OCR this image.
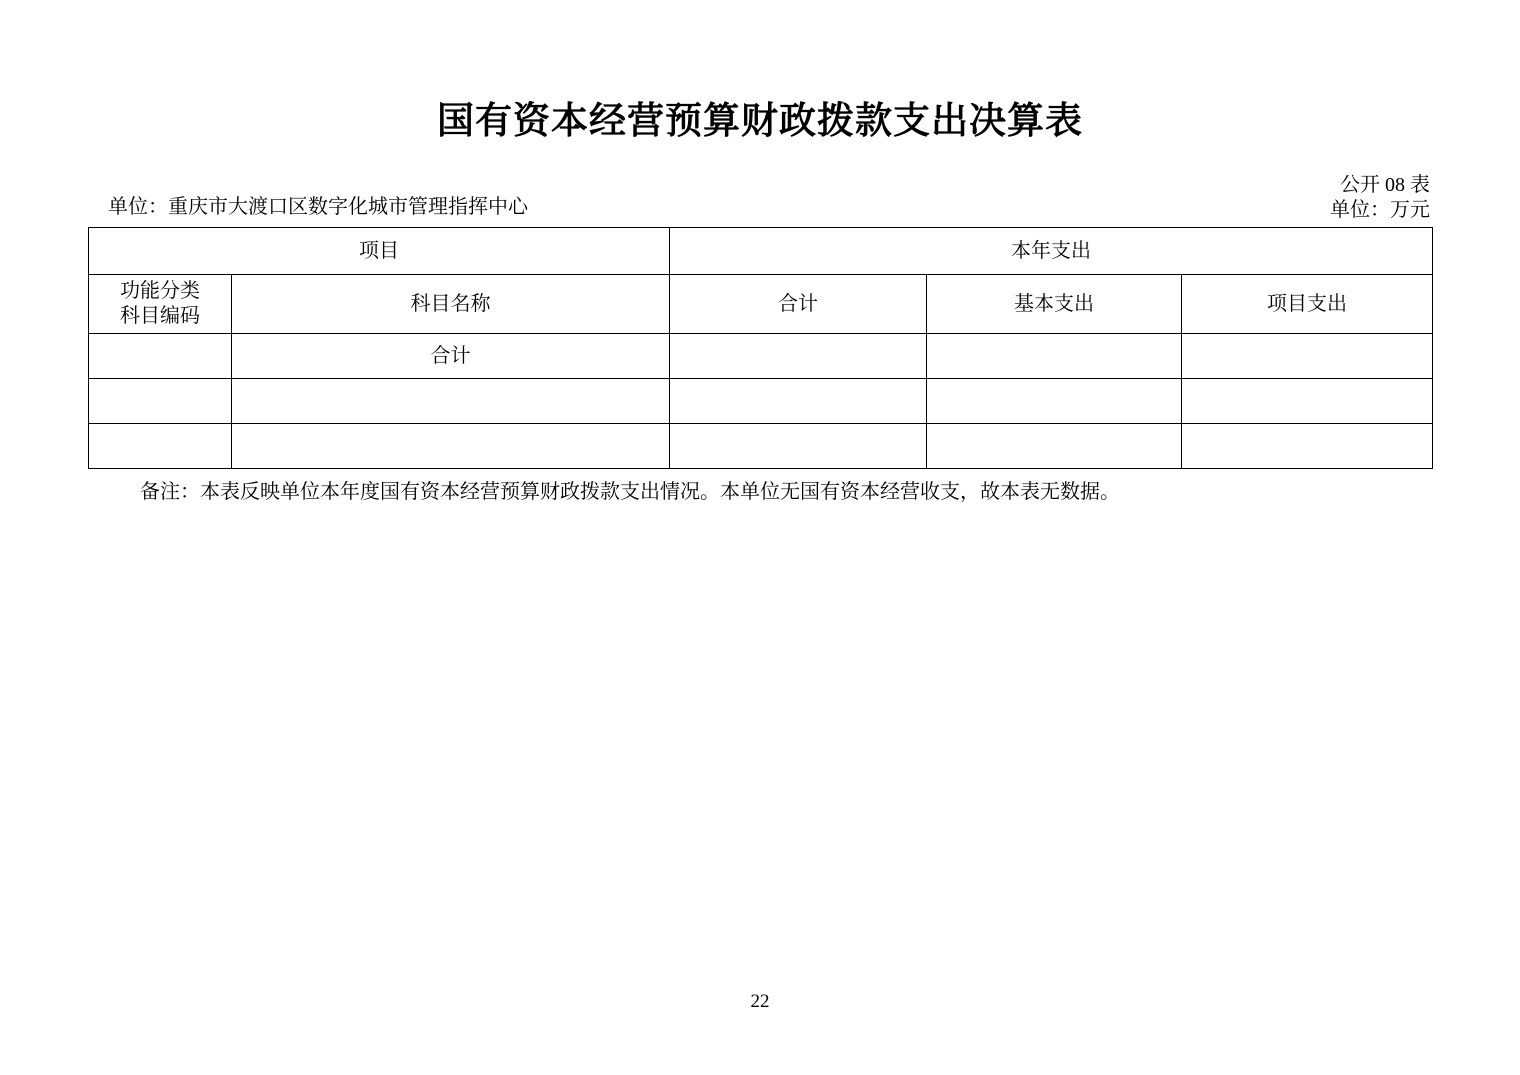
国有资本经营预算财政拨款支出决算表
公开 08 表
单位：重庆市大渡口区数字化城市管理指挥中心	单位：万元
项目		本年支出		

功能分类
科目编码	科目名称	合计	基本支出	项目支出
	合计			

备注：本表反映单位本年度国有资本经营预算财政拨款支出情况。本单位无国有资本经营收支，故本表无数据。
22
